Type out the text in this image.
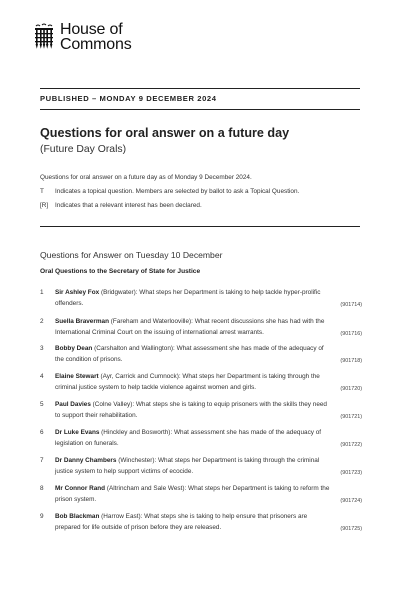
House of
Commons
PUBLISHED – MONDAY 9 DECEMBER 2024
Questions for oral answer on a future day
(Future Day Orals)
Questions for oral answer on a future day as of Monday 9 December 2024.
T Indicates a topical question. Members are selected by ballot to ask a Topical Question.
[R] Indicates that a relevant interest has been declared.
Questions for Answer on Tuesday 10 December
Oral Questions to the Secretary of State for Justice
1	Sir Ashley Fox (Bridgwater): What steps her Department is taking to help tackle hyper-prolific offenders.	(901714)
2	Suella Braverman (Fareham and Waterlooville): What recent discussions she has had with the International Criminal Court on the issuing of international arrest warrants.	(901716)
3	Bobby Dean (Carshalton and Wallington): What assessment she has made of the adequacy of the condition of prisons.	(901718)
4	Elaine Stewart (Ayr, Carrick and Cumnock): What steps her Department is taking through the criminal justice system to help tackle violence against women and girls.	(901720)
5	Paul Davies (Colne Valley): What steps she is taking to equip prisoners with the skills they need to support their rehabilitation.	(901721)
6	Dr Luke Evans (Hinckley and Bosworth): What assessment she has made of the adequacy of legislation on funerals.	(901722)
7	Dr Danny Chambers (Winchester): What steps her Department is taking through the criminal justice system to help support victims of ecocide.	(901723)
8	Mr Connor Rand (Altrincham and Sale West): What steps her Department is taking to reform the prison system.	(901724)
9	Bob Blackman (Harrow East): What steps she is taking to help ensure that prisoners are prepared for life outside of prison before they are released.	(901725)
